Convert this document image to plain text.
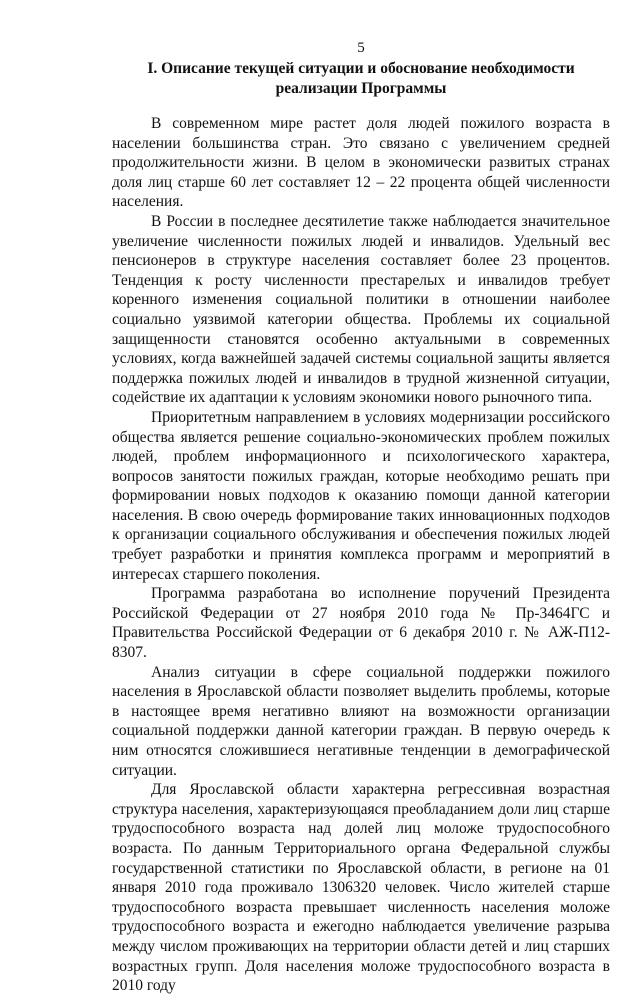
5
I. Описание текущей ситуации и обоснование необходимости
реализации Программы

В современном мире растет доля людей пожилого возраста в населении большинства стран. Это связано с увеличением средней продолжительности жизни. В целом в экономически развитых странах доля лиц старше 60 лет составляет 12 – 22 процента общей численности населения.

В России в последнее десятилетие также наблюдается значительное увеличение численности пожилых людей и инвалидов. Удельный вес пенсионеров в структуре населения составляет более 23 процентов. Тенденция к росту численности престарелых и инвалидов требует коренного изменения социальной политики в отношении наиболее социально уязвимой категории общества. Проблемы их социальной защищенности становятся особенно актуальными в современных условиях, когда важнейшей задачей системы социальной защиты является поддержка пожилых людей и инвалидов в трудной жизненной ситуации, содействие их адаптации к условиям экономики нового рыночного типа.

Приоритетным направлением в условиях модернизации российского общества является решение социально-экономических проблем пожилых людей, проблем информационного и психологического характера, вопросов занятости пожилых граждан, которые необходимо решать при формировании новых подходов к оказанию помощи данной категории населения. В свою очередь формирование таких инновационных подходов к организации социального обслуживания и обеспечения пожилых людей требует разработки и принятия комплекса программ и мероприятий в интересах старшего поколения.

Программа разработана во исполнение поручений Президента Российской Федерации от 27 ноября 2010 года № Пр-3464ГС и Правительства Российской Федерации от 6 декабря 2010 г. № АЖ-П12- 8307.

Анализ ситуации в сфере социальной поддержки пожилого населения в Ярославской области позволяет выделить проблемы, которые в настоящее время негативно влияют на возможности организации социальной поддержки данной категории граждан. В первую очередь к ним относятся сложившиеся негативные тенденции в демографической ситуации.

Для Ярославской области характерна регрессивная возрастная структура населения, характеризующаяся преобладанием доли лиц старше трудоспособного возраста над долей лиц моложе трудоспособного возраста. По данным Территориального органа Федеральной службы государственной статистики по Ярославской области, в регионе на 01 января 2010 года проживало 1306320 человек. Число жителей старше трудоспособного возраста превышает численность населения моложе трудоспособного возраста и ежегодно наблюдается увеличение разрыва между числом проживающих на территории области детей и лиц старших возрастных групп. Доля населения моложе трудоспособного возраста в 2010 году
